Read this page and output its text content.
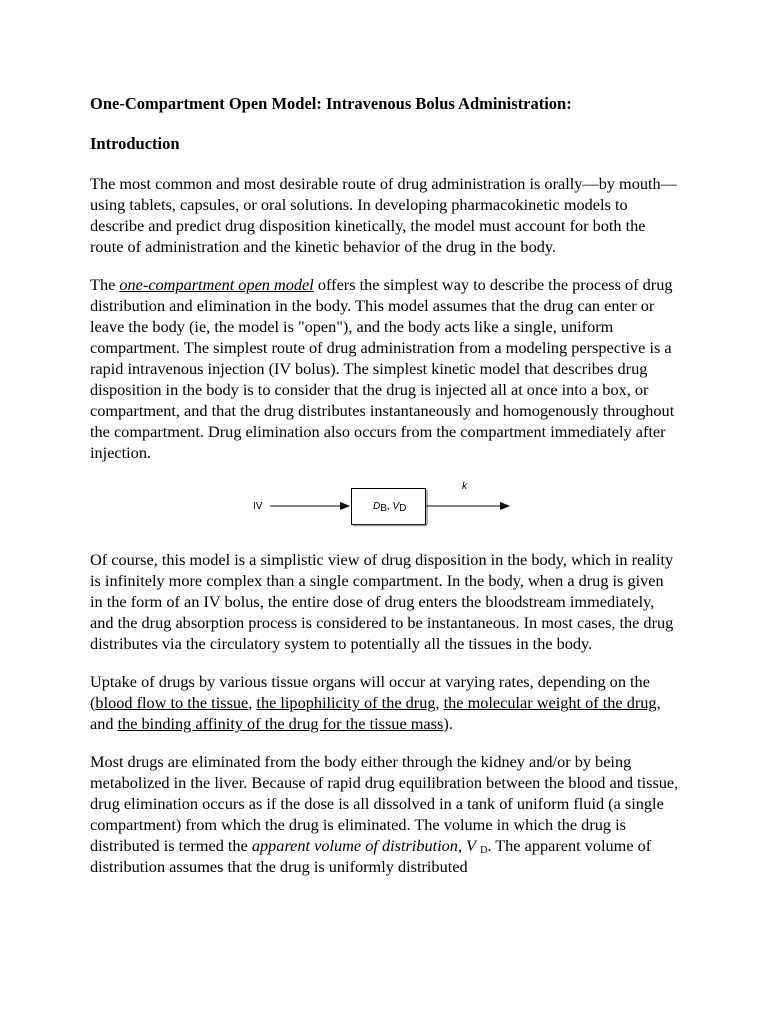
One-Compartment Open Model: Intravenous Bolus Administration:
Introduction

The most common and most desirable route of drug administration is orally—by mouth—using tablets, capsules, or oral solutions. In developing pharmacokinetic models to describe and predict drug disposition kinetically, the model must account for both the route of administration and the kinetic behavior of the drug in the body.

The one-compartment open model offers the simplest way to describe the process of drug distribution and elimination in the body. This model assumes that the drug can enter or leave the body (ie, the model is "open"), and the body acts like a single, uniform compartment. The simplest route of drug administration from a modeling perspective is a rapid intravenous injection (IV bolus). The simplest kinetic model that describes drug disposition in the body is to consider that the drug is injected all at once into a box, or compartment, and that the drug distributes instantaneously and homogenously throughout the compartment. Drug elimination also occurs from the compartment immediately after injection.

IV	$D_B$, $V_D$
k

Of course, this model is a simplistic view of drug disposition in the body, which in reality is infinitely more complex than a single compartment. In the body, when a drug is given in the form of an IV bolus, the entire dose of drug enters the bloodstream immediately, and the drug absorption process is considered to be instantaneous. In most cases, the drug distributes via the circulatory system to potentially all the tissues in the body.

Uptake of drugs by various tissue organs will occur at varying rates, depending on the (blood flow to the tissue, the lipophilicity of the drug, the molecular weight of the drug, and the binding affinity of the drug for the tissue mass).

Most drugs are eliminated from the body either through the kidney and/or by being metabolized in the liver. Because of rapid drug equilibration between the blood and tissue, drug elimination occurs as if the dose is all dissolved in a tank of uniform fluid (a single compartment) from which the drug is eliminated. The volume in which the drug is distributed is termed the apparent volume of distribution, V $_D$. The apparent volume of distribution assumes that the drug is uniformly distributed
